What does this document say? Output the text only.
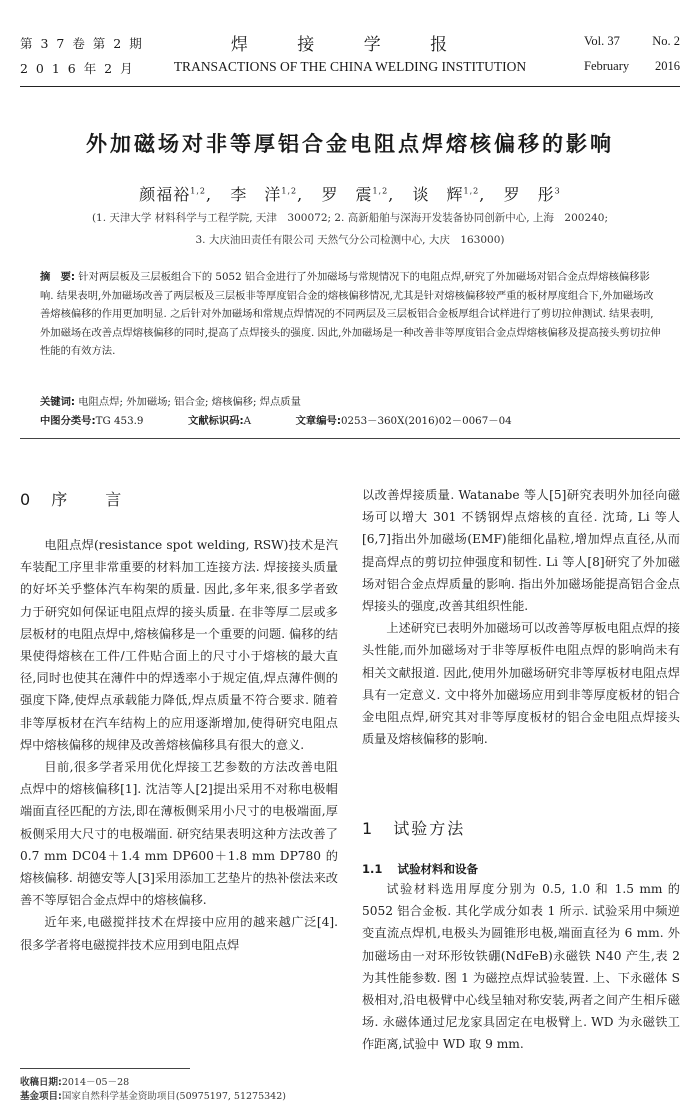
第 3 7 卷 第 2 期
2 0 1 6 年 2 月
焊 接 学 报
TRANSACTIONS OF THE CHINA WELDING INSTITUTION
Vol. 37	No. 2
February 2016
外加磁场对非等厚铝合金电阻点焊熔核偏移的影响
颜福裕$^{1,2}$,   李　洋$^{1,2}$,   罗　震$^{1,2}$,   谈　辉$^{1,2}$,   罗　彤$^3$
(1. 天津大学 材料科学与工程学院, 天津　300072; 2. 高新船舶与深海开发装备协同创新中心, 上海　200240;
3. 大庆油田责任有限公司 天然气分公司检测中心, 大庆　163000)
摘　要: 针对两层板及三层板组合下的 5052 铝合金进行了外加磁场与常规情况下的电阻点焊,研究了外加磁场对铝合金点焊熔核偏移影响. 结果表明,外加磁场改善了两层板及三层板非等厚度铝合金的熔核偏移情况,尤其是针对熔核偏移较严重的板材厚度组合下,外加磁场改善熔核偏移的作用更加明显. 之后针对外加磁场和常规点焊情况的不同两层及三层板铝合金板厚组合试样进行了剪切拉伸测试. 结果表明,外加磁场在改善点焊熔核偏移的同时,提高了点焊接头的强度. 因此,外加磁场是一种改善非等厚度铝合金点焊熔核偏移及提高接头剪切拉伸性能的有效方法.
关键词: 电阻点焊; 外加磁场; 铝合金; 熔核偏移; 焊点质量
中图分类号:TG 453.9	文献标识码:A	文章编号:0253－360X(2016)02－0067－04
0 序　　言

电阻点焊(resistance spot welding, RSW)技术是汽车装配工序里非常重要的材料加工连接方法. 焊接接头质量的好坏关乎整体汽车构架的质量. 因此,多年来,很多学者致力于研究如何保证电阻点焊的接头质量. 在非等厚二层或多层板材的电阻点焊中,熔核偏移是一个重要的问题. 偏移的结果使得熔核在工件/工件贴合面上的尺寸小于熔核的最大直径,同时也使其在薄件中的焊透率小于规定值,焊点薄件侧的强度下降,使焊点承载能力降低,焊点质量不符合要求. 随着非等厚板材在汽车结构上的应用逐渐增加,使得研究电阻点焊中熔核偏移的规律及改善熔核偏移具有很大的意义.

目前,很多学者采用优化焊接工艺参数的方法改善电阻点焊中的熔核偏移[1]. 沈洁等人[2]提出采用不对称电极帽端面直径匹配的方法,即在薄板侧采用小尺寸的电极端面,厚板侧采用大尺寸的电极端面. 研究结果表明这种方法改善了 0.7 mm DC04＋1.4 mm DP600＋1.8 mm DP780 的熔核偏移. 胡德安等人[3]采用添加工艺垫片的热补偿法来改善不等厚铝合金点焊中的熔核偏移.

近年来,电磁搅拌技术在焊接中应用的越来越广泛[4]. 很多学者将电磁搅拌技术应用到电阻点焊

以改善焊接质量. Watanabe 等人[5]研究表明外加径向磁场可以增大 301 不锈钢焊点熔核的直径. 沈琦, Li 等人[6,7]指出外加磁场(EMF)能细化晶粒,增加焊点直径,从而提高焊点的剪切拉伸强度和韧性. Li 等人[8]研究了外加磁场对铝合金点焊质量的影响. 指出外加磁场能提高铝合金点焊接头的强度,改善其组织性能.

上述研究已表明外加磁场可以改善等厚板电阻点焊的接头性能,而外加磁场对于非等厚板件电阻点焊的影响尚未有相关文献报道. 因此,使用外加磁场研究非等厚板材电阻点焊具有一定意义. 文中将外加磁场应用到非等厚度板材的铝合金电阻点焊,研究其对非等厚度板材的铝合金电阻点焊接头质量及熔核偏移的影响.

1 试验方法
1.1 试验材料和设备

试验材料选用厚度分别为 0.5, 1.0 和 1.5 mm 的 5052 铝合金板. 其化学成分如表 1 所示. 试验采用中频逆变直流点焊机,电极头为圆锥形电极,端面直径为 6 mm. 外加磁场由一对环形钕铁硼(NdFeB)永磁铁 N40 产生,表 2 为其性能参数. 图 1 为磁控点焊试验装置. 上、下永磁体 S 极相对,沿电极臂中心线呈轴对称安装,两者之间产生相斥磁场. 永磁体通过尼龙家具固定在电极臂上. WD 为永磁铁工作距离,试验中 WD 取 9 mm.

收稿日期:2014－05－28
基金项目:国家自然科学基金资助项目(50975197, 51275342)
